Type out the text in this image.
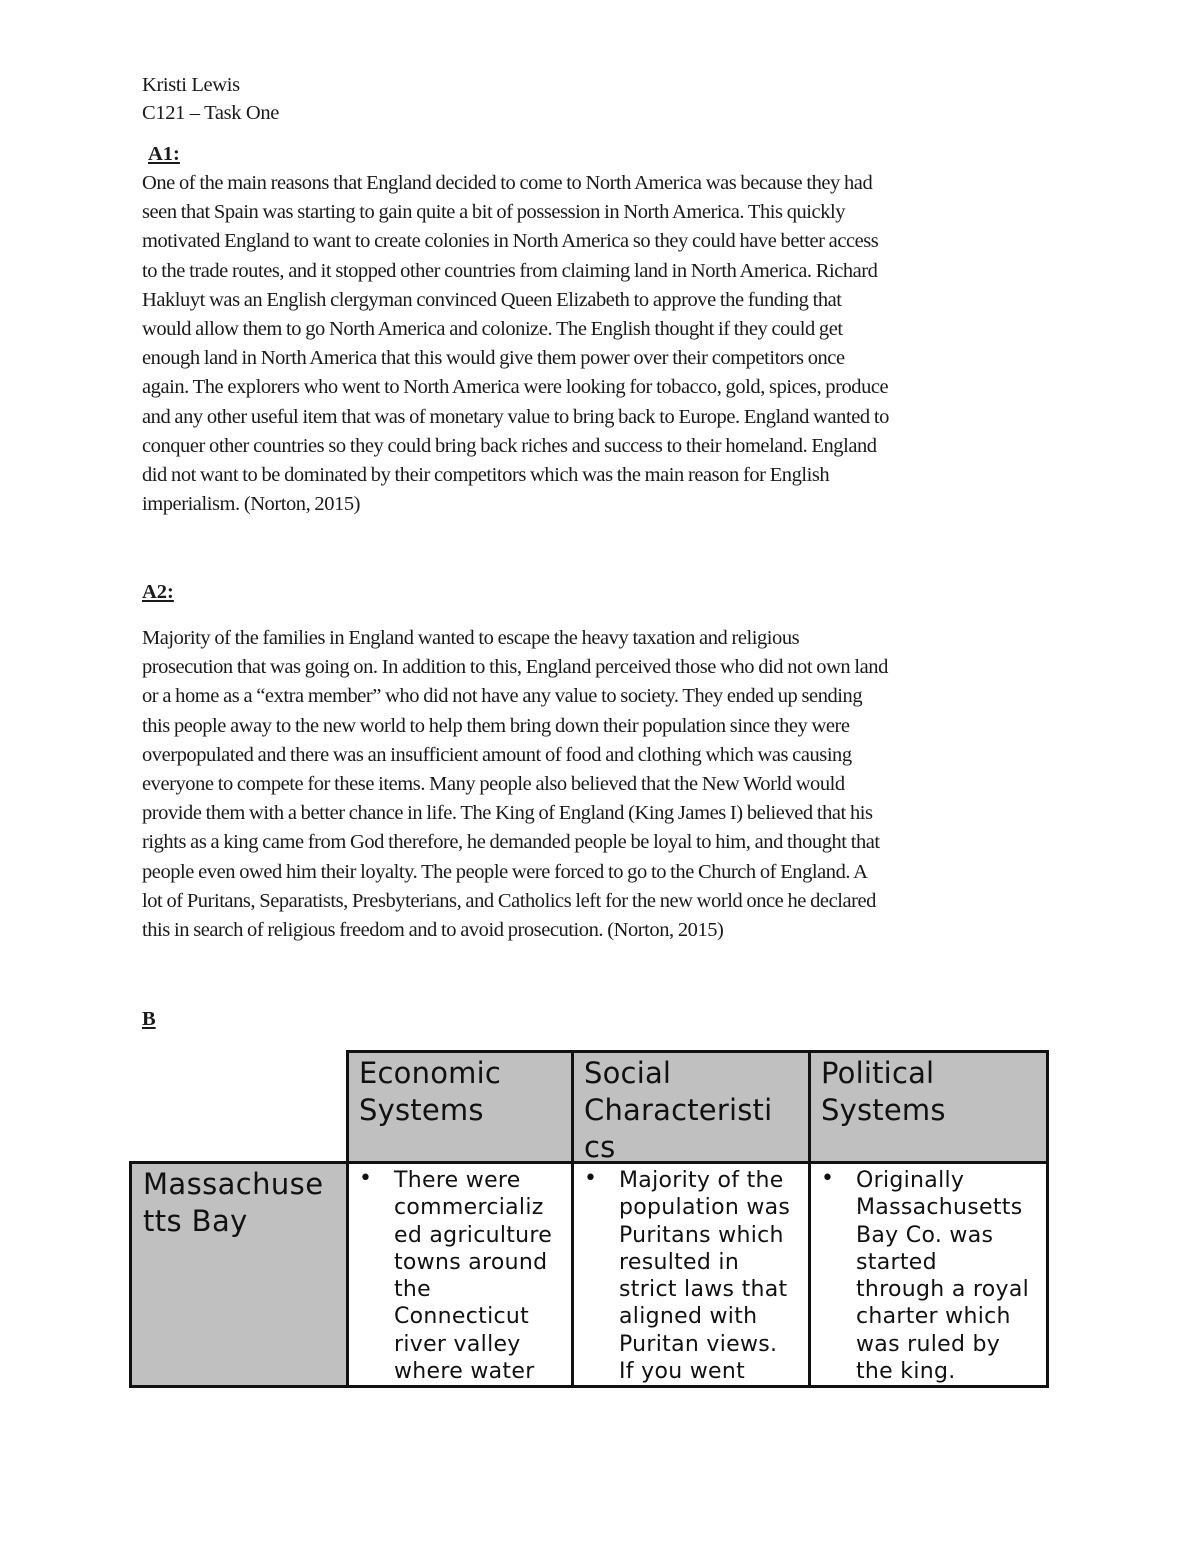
Kristi Lewis
C121 – Task One
A1:
One of the main reasons that England decided to come to North America was because they had
seen that Spain was starting to gain quite a bit of possession in North America. This quickly
motivated England to want to create colonies in North America so they could have better access
to the trade routes, and it stopped other countries from claiming land in North America. Richard
Hakluyt was an English clergyman convinced Queen Elizabeth to approve the funding that
would allow them to go North America and colonize. The English thought if they could get
enough land in North America that this would give them power over their competitors once
again. The explorers who went to North America were looking for tobacco, gold, spices, produce
and any other useful item that was of monetary value to bring back to Europe. England wanted to
conquer other countries so they could bring back riches and success to their homeland. England
did not want to be dominated by their competitors which was the main reason for English
imperialism. (Norton, 2015)
A2:
Majority of the families in England wanted to escape the heavy taxation and religious
prosecution that was going on. In addition to this, England perceived those who did not own land
or a home as a “extra member” who did not have any value to society. They ended up sending
this people away to the new world to help them bring down their population since they were
overpopulated and there was an insufficient amount of food and clothing which was causing
everyone to compete for these items. Many people also believed that the New World would
provide them with a better chance in life. The King of England (King James I) believed that his
rights as a king came from God therefore, he demanded people be loyal to him, and thought that
people even owed him their loyalty. The people were forced to go to the Church of England. A
lot of Puritans, Separatists, Presbyterians, and Catholics left for the new world once he declared
this in search of religious freedom and to avoid prosecution. (Norton, 2015)
B
Economic
Systems
Social
Characteristi
cs
Political
Systems
Massachuse
tts Bay
• There were
commercializ
ed agriculture
towns around
the
Connecticut
river valley
where water
• Majority of the
population was
Puritans which
resulted in
strict laws that
aligned with
Puritan views.
If you went
• Originally
Massachusetts
Bay Co. was
started
through a royal
charter which
was ruled by
the king.
